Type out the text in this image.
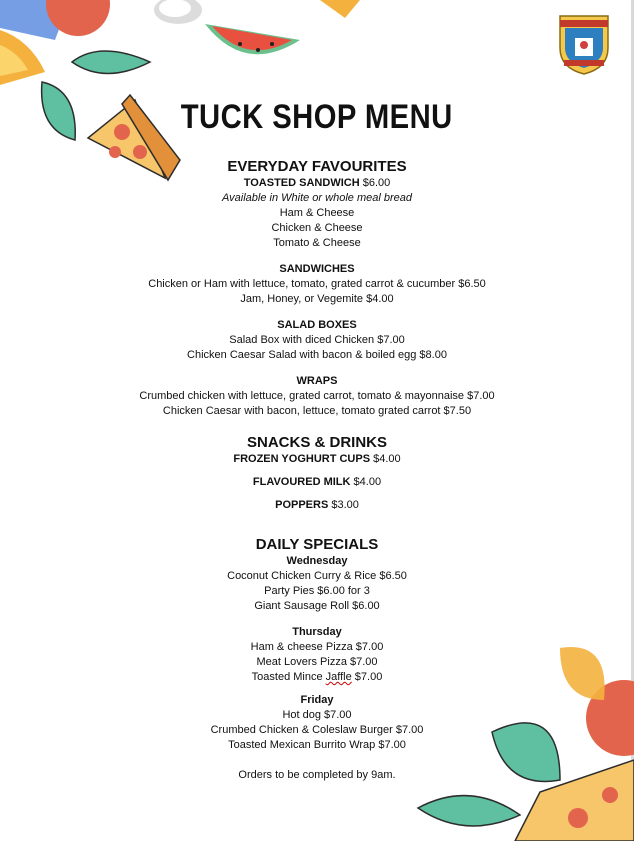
TUCK SHOP MENU

EVERYDAY FAVOURITES

TOASTED SANDWICH $6.00

Available in White or whole meal bread

Ham & Cheese

Chicken & Cheese

Tomato & Cheese

SANDWICHES

Chicken or Ham with lettuce, tomato, grated carrot & cucumber $6.50

Jam, Honey, or Vegemite $4.00

SALAD BOXES

Salad Box with diced Chicken $7.00

Chicken Caesar Salad with bacon & boiled egg $8.00

WRAPS

Crumbed chicken with lettuce, grated carrot, tomato & mayonnaise $7.00

Chicken Caesar with bacon, lettuce, tomato grated carrot $7.50

SNACKS & DRINKS

FROZEN YOGHURT CUPS $4.00

FLAVOURED MILK $4.00

POPPERS $3.00

DAILY SPECIALS

Wednesday

Coconut Chicken Curry & Rice $6.50

Party Pies $6.00 for 3

Giant Sausage Roll $6.00

Thursday

Ham & cheese Pizza $7.00

Meat Lovers Pizza $7.00

Toasted Mince Jaffle $7.00

Friday

Hot dog $7.00

Crumbed Chicken & Coleslaw Burger $7.00

Toasted Mexican Burrito Wrap $7.00

Orders to be completed by 9am.
